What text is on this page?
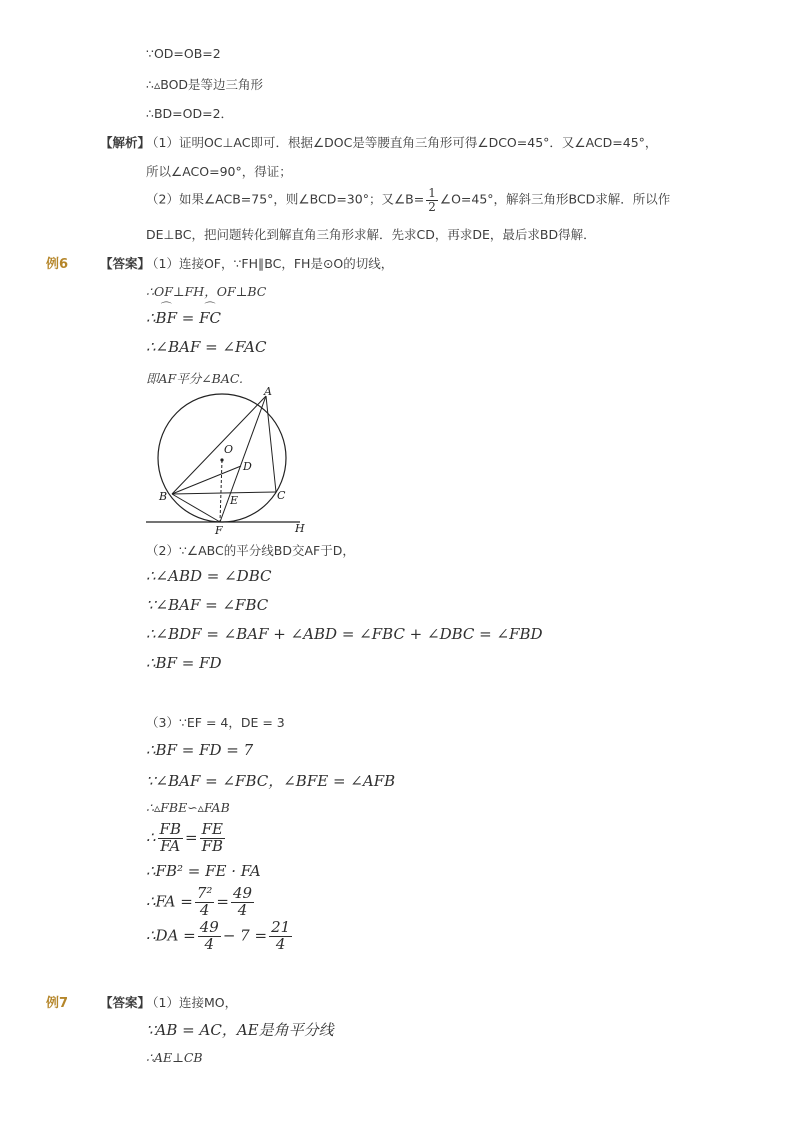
∵OD=OB=2
∴▵BOD是等边三角形
∴BD=OD=2．
【解析】
（1）证明OC⊥AC即可．根据∠DOC是等腰直角三角形可得∠DCO=45°．又∠ACD=45°，
所以∠ACO=90°，得证；
（2）如果∠ACB=75°，则∠BCD=30°；又∠B= $\frac{1}{2}$ ∠O=45°，解斜三角形BCD求解．所以作
DE⊥BC，把问题转化到解直角三角形求解．先求CD，再求DE，最后求BD得解．
例6	【答案】
（1）连接OF，∵FH∥BC，FH是⊙O的切线，
∴OF⊥FH，OF⊥BC
∴⌒ BF = ⌒ FC
∴∠BAF = ∠FAC
即AF平分∠BAC.
A
O
D
B	E	C
F	H
（2）∵∠ABC的平分线BD交AF于D，
∴∠ABD = ∠DBC
∵∠BAF = ∠FBC
∴∠BDF = ∠BAF + ∠ABD = ∠FBC + ∠DBC = ∠FBD
∴BF = FD
（3）∵EF = 4，DE = 3
∴BF = FD = 7
∵∠BAF = ∠FBC，∠BFE = ∠AFB
∴▵FBE∽▵FAB
∴ $\frac{FB}{FA} = \frac{FE}{FB}$
∴FB² = FE · FA
∴FA = $\frac{\text{7²}}{4} = \frac{49}{4}$
∴DA = $\frac{49}{4} - 7 = \frac{21}{4}$
例7	【答案】
（1）连接MO，
∵AB = AC，AE是角平分线
∴AE⊥CB
